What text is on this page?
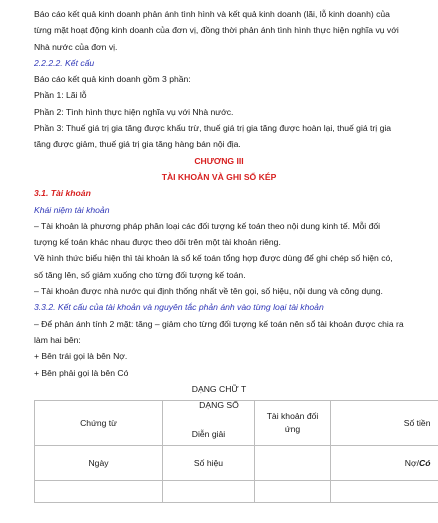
Báo cáo kết quả kinh doanh phản ánh tình hình và kết quả kinh doanh (lãi, lỗ kinh doanh) của từng mặt hoạt động kinh doanh của đơn vị, đồng thời phản ánh tình hình thực hiện nghĩa vụ với Nhà nước của đơn vị.

2.2.2.2. Kết cấu

Báo cáo kết quả kinh doanh gồm 3 phần:

Phần 1: Lãi lỗ

Phần 2: Tình hình thực hiện nghĩa vụ với Nhà nước.

Phần 3: Thuế giá trị gia tăng được khấu trừ, thuế giá trị gia tăng được hoàn lại, thuế giá trị gia tăng được giảm, thuế giá trị gia tăng hàng bán nội địa.

CHƯƠNG III

TÀI KHOẢN VÀ GHI SỔ KÉP

3.1. Tài khoản

Khái niệm tài khoản

– Tài khoản là phương pháp phân loại các đối tượng kế toán theo nội dung kinh tế. Mỗi đối tượng kế toán khác nhau được theo dõi trên một tài khoản riêng.

Về hình thức biểu hiện thì tài khoản là sổ kế toán tổng hợp được dùng để ghi chép số hiện có, số tăng lên, số giảm xuống cho từng đối tượng kế toán.

– Tài khoản được nhà nước qui định thống nhất về tên gọi, số hiệu, nội dung và công dụng.

3.3.2. Kết cấu của tài khoản và nguyên tắc phản ánh vào từng loại tài khoản

– Để phản ánh tính 2 mặt: tăng – giảm cho từng đối tượng kế toán nên sổ tài khoản được chia ra làm hai bên:

+ Bên trái gọi là bên Nợ.

+ Bên phải gọi là bên Có

DẠNG CHỮ T

DẠNG SỔ

Chứng từ	Diễn giải	Tài khoản đối ứng	Số tiền
Ngày	Số hiệu		Nợ/Có
